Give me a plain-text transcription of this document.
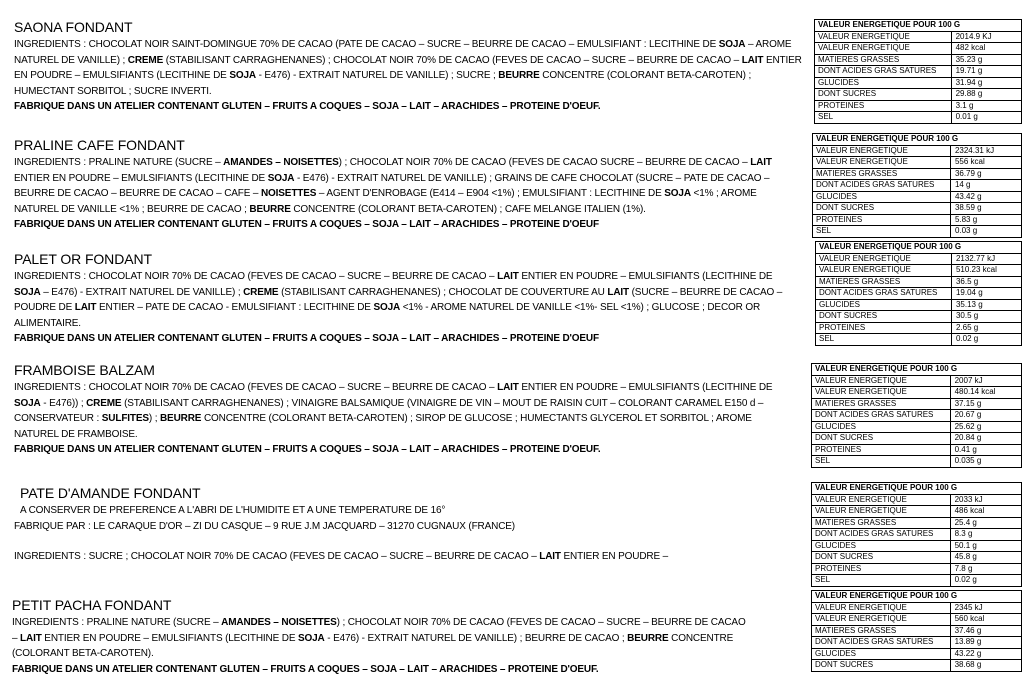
SAONA FONDANT

INGREDIENTS : CHOCOLAT NOIR SAINT-DOMINGUE 70% DE CACAO (PATE DE CACAO – SUCRE – BEURRE DE CACAO – EMULSIFIANT : LECITHINE DE SOJA – AROME NATUREL DE VANILLE) ; CREME (STABILISANT CARRAGHENANES) ; CHOCOLAT NOIR 70% DE CACAO (FEVES DE CACAO – SUCRE – BEURRE DE CACAO – LAIT ENTIER EN POUDRE – EMULSIFIANTS (LECITHINE DE SOJA - E476) - EXTRAIT NATUREL DE VANILLE) ; SUCRE ; BEURRE CONCENTRE (COLORANT BETA-CAROTEN) ; HUMECTANT SORBITOL ; SUCRE INVERTI.

FABRIQUE DANS UN ATELIER CONTENANT GLUTEN – FRUITS A COQUES – SOJA – LAIT – ARACHIDES – PROTEINE D'OEUF.

PRALINE CAFE FONDANT

INGREDIENTS : PRALINE NATURE (SUCRE – AMANDES – NOISETTES) ; CHOCOLAT NOIR 70% DE CACAO (FEVES DE CACAO SUCRE – BEURRE DE CACAO – LAIT ENTIER EN POUDRE – EMULSIFIANTS (LECITHINE DE SOJA - E476) - EXTRAIT NATUREL DE VANILLE) ; GRAINS DE CAFE CHOCOLAT (SUCRE – PATE DE CACAO – BEURRE DE CACAO – BEURRE DE CACAO – CAFE – NOISETTES – AGENT D'ENROBAGE (E414 – E904 <1%) ; EMULSIFIANT : LECITHINE DE SOJA <1% ; AROME NATUREL DE VANILLE <1% ; BEURRE DE CACAO ; BEURRE CONCENTRE (COLORANT BETA-CAROTEN) ; CAFE MELANGE ITALIEN (1%).

FABRIQUE DANS UN ATELIER CONTENANT GLUTEN – FRUITS A COQUES – SOJA – LAIT – ARACHIDES – PROTEINE D'OEUF

PALET OR FONDANT

INGREDIENTS : CHOCOLAT NOIR 70% DE CACAO (FEVES DE CACAO – SUCRE – BEURRE DE CACAO – LAIT ENTIER EN POUDRE – EMULSIFIANTS (LECITHINE DE SOJA – E476) - EXTRAIT NATUREL DE VANILLE) ; CREME (STABILISANT CARRAGHENANES) ; CHOCOLAT DE COUVERTURE AU LAIT (SUCRE – BEURRE DE CACAO – POUDRE DE LAIT ENTIER – PATE DE CACAO - EMULSIFIANT : LECITHINE DE SOJA <1% - AROME NATUREL DE VANILLE <1%- SEL <1%) ; GLUCOSE ; DECOR OR ALIMENTAIRE.

FABRIQUE DANS UN ATELIER CONTENANT GLUTEN – FRUITS A COQUES – SOJA – LAIT – ARACHIDES – PROTEINE D'OEUF

FRAMBOISE BALZAM

INGREDIENTS : CHOCOLAT NOIR 70% DE CACAO (FEVES DE CACAO – SUCRE – BEURRE DE CACAO – LAIT ENTIER EN POUDRE – EMULSIFIANTS (LECITHINE DE SOJA - E476)) ; CREME (STABILISANT CARRAGHENANES) ; VINAIGRE BALSAMIQUE (VINAIGRE DE VIN – MOUT DE RAISIN CUIT – COLORANT CARAMEL E150 d – CONSERVATEUR : SULFITES) ; BEURRE CONCENTRE (COLORANT BETA-CAROTEN) ; SIROP DE GLUCOSE ; HUMECTANTS GLYCEROL ET SORBITOL ; AROME NATUREL DE FRAMBOISE.

FABRIQUE DANS UN ATELIER CONTENANT GLUTEN – FRUITS A COQUES – SOJA – LAIT – ARACHIDES – PROTEINE D'OEUF.

PATE D'AMANDE FONDANT

A CONSERVER DE PREFERENCE A L'ABRI DE L'HUMIDITE ET A UNE TEMPERATURE DE 16°

FABRIQUE PAR : LE CARAQUE D'OR – ZI DU CASQUE – 9 RUE J.M JACQUARD – 31270 CUGNAUX (FRANCE)

INGREDIENTS : SUCRE ; CHOCOLAT NOIR 70% DE CACAO (FEVES DE CACAO – SUCRE – BEURRE DE CACAO – LAIT ENTIER EN POUDRE –

PETIT PACHA FONDANT

INGREDIENTS : PRALINE NATURE (SUCRE – AMANDES – NOISETTES) ; CHOCOLAT NOIR 70% DE CACAO (FEVES DE CACAO – SUCRE – BEURRE DE CACAO – LAIT ENTIER EN POUDRE – EMULSIFIANTS (LECITHINE DE SOJA - E476) - EXTRAIT NATUREL DE VANILLE) ; BEURRE DE CACAO ; BEURRE CONCENTRE (COLORANT BETA-CAROTEN).

FABRIQUE DANS UN ATELIER CONTENANT GLUTEN – FRUITS A COQUES – SOJA – LAIT – ARACHIDES – PROTEINE D'OEUF.

VALEUR ENERGETIQUE POUR 100 G	
VALEUR ENERGETIQUE	2014.9 KJ
VALEUR ENERGETIQUE	482 kcal
MATIERES GRASSES	35.23 g
DONT ACIDES GRAS SATURES	19.71 g
GLUCIDES	31.94 g
DONT SUCRES	29.88 g
PROTEINES	3.1 g
SEL	0.01 g
VALEUR ENERGETIQUE POUR 100 G	
VALEUR ENERGETIQUE	2324.31 kJ
VALEUR ENERGETIQUE	556 kcal
MATIERES GRASSES	36.79 g
DONT ACIDES GRAS SATURES	14 g
GLUCIDES	43.42 g
DONT SUCRES	38.59 g
PROTEINES	5.83 g
SEL	0.03 g
VALEUR ENERGETIQUE POUR 100 G	
VALEUR ENERGETIQUE	2132.77 kJ
VALEUR ENERGETIQUE	510.23 kcal
MATIERES GRASSES	36.5 g
DONT ACIDES GRAS SATURES	19.04 g
GLUCIDES	35.13 g
DONT SUCRES	30.5 g
PROTEINES	2.65 g
SEL	0.02 g
VALEUR ENERGETIQUE POUR 100 G	
VALEUR ENERGETIQUE	2007 kJ
VALEUR ENERGETIQUE	480.14 kcal
MATIERES GRASSES	37.15 g
DONT ACIDES GRAS SATURES	20.67 g
GLUCIDES	25.62 g
DONT SUCRES	20.84 g
PROTEINES	0.41 g
SEL	0.035 g
VALEUR ENERGETIQUE POUR 100 G	
VALEUR ENERGETIQUE	2033 kJ
VALEUR ENERGETIQUE	486 kcal
MATIERES GRASSES	25.4 g
DONT ACIDES GRAS SATURES	8.3 g
GLUCIDES	50.1 g
DONT SUCRES	45.8 g
PROTEINES	7.8 g
SEL	0.02 g
VALEUR ENERGETIQUE POUR 100 G	
VALEUR ENERGETIQUE	2345 kJ
VALEUR ENERGETIQUE	560 kcal
MATIERES GRASSES	37.46 g
DONT ACIDES GRAS SATURES	13.89 g
GLUCIDES	43.22 g
DONT SUCRES	38.68 g
